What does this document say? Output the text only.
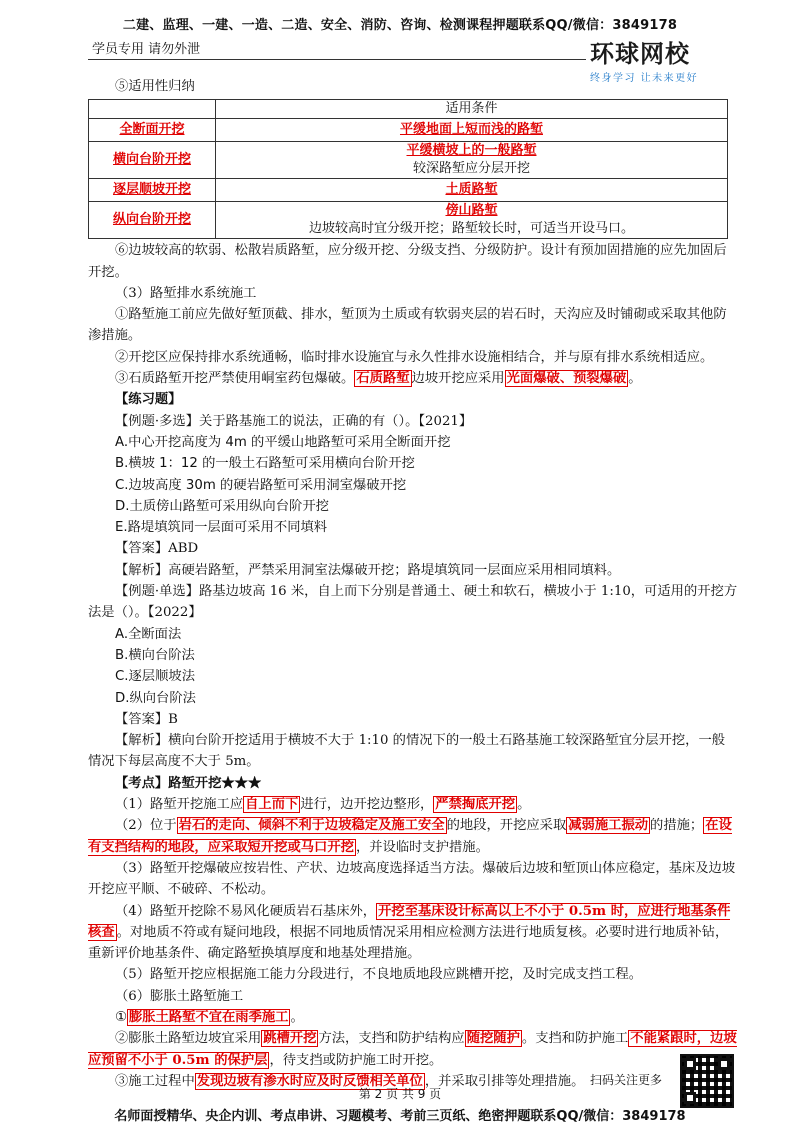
二建、监理、一建、一造、二造、安全、消防、咨询、检测课程押题联系QQ/微信：3849178
学员专用 请勿外泄	环球网校
终身学习 让未来更好

⑤适用性归纳

	适用条件
全断面开挖	平缓地面上短而浅的路堑
横向台阶开挖	平缓横坡上的一般路堑
较深路堑应分层开挖
逐层顺坡开挖	土质路堑
纵向台阶开挖	傍山路堑
边坡较高时宜分级开挖；路堑较长时，可适当开设马口。

⑥边坡较高的软弱、松散岩质路堑，应分级开挖、分级支挡、分级防护。设计有预加固措施的应先加固后开挖。

（3）路堑排水系统施工

①路堑施工前应先做好堑顶截、排水，堑顶为土质或有软弱夹层的岩石时，天沟应及时铺砌或采取其他防渗措施。

②开挖区应保持排水系统通畅，临时排水设施宜与永久性排水设施相结合，并与原有排水系统相适应。

③石质路堑开挖严禁使用峒室药包爆破。 石质路堑 边坡开挖应采用 光面爆破、预裂爆破 。

【练习题】

【例题·多选】关于路基施工的说法，正确的有（）。【2021】

A.中心开挖高度为 4m 的平缓山地路堑可采用全断面开挖

B.横坡 1：12 的一般土石路堑可采用横向台阶开挖

C.边坡高度 30m 的硬岩路堑可采用洞室爆破开挖

D.土质傍山路堑可采用纵向台阶开挖

E.路堤填筑同一层面可采用不同填料

【答案】ABD

【解析】高硬岩路堑，严禁采用洞室法爆破开挖；路堤填筑同一层面应采用相同填料。

【例题·单选】路基边坡高 16 米，自上而下分别是普通土、硬土和软石，横坡小于 1:10，可适用的开挖方法是（）。【2022】

A.全断面法

B.横向台阶法

C.逐层顺坡法

D.纵向台阶法

【答案】B

【解析】横向台阶开挖适用于横坡不大于 1:10 的情况下的一般土石路基施工较深路堑宜分层开挖，一般情况下每层高度不大于 5m。

【考点】路堑开挖★★★

（1）路堑开挖施工应 自上而下 进行，边开挖边整形， 严禁掏底开挖 。

（2）位于 岩石的走向、倾斜不利于边坡稳定及施工安全 的地段，开挖应采取 减弱施工振动 的措施； 在设有支挡结构的地段，应采取短开挖或马口开挖 ，并设临时支护措施。

（3）路堑开挖爆破应按岩性、产状、边坡高度选择适当方法。爆破后边坡和堑顶山体应稳定，基床及边坡开挖应平顺、不破碎、不松动。

（4）路堑开挖除不易风化硬质岩石基床外， 开挖至基床设计标高以上不小于 0.5m 时，应进行地基条件核查 。对地质不符或有疑问地段，根据不同地质情况采用相应检测方法进行地质复核。必要时进行地质补钻，重新评价地基条件、确定路堑换填厚度和地基处理措施。

（5）路堑开挖应根据施工能力分段进行，不良地质地段应跳槽开挖，及时完成支挡工程。

（6）膨胀土路堑施工

① 膨胀土路堑不宜在雨季施工 。

②膨胀土路堑边坡宜采用 跳槽开挖 方法，支挡和防护结构应 随挖随护 。支挡和防护施工 不能紧跟时，边坡应预留不小于 0.5m 的保护层 ，待支挡或防护施工时开挖。

③施工过程中 发现边坡有渗水时应及时反馈相关单位 ，并采取引排等处理措施。 扫码关注更多
第 2 页 共 9 页
名师面授精华、央企内训、考点串讲、习题模考、考前三页纸、绝密押题联系QQ/微信：3849178
